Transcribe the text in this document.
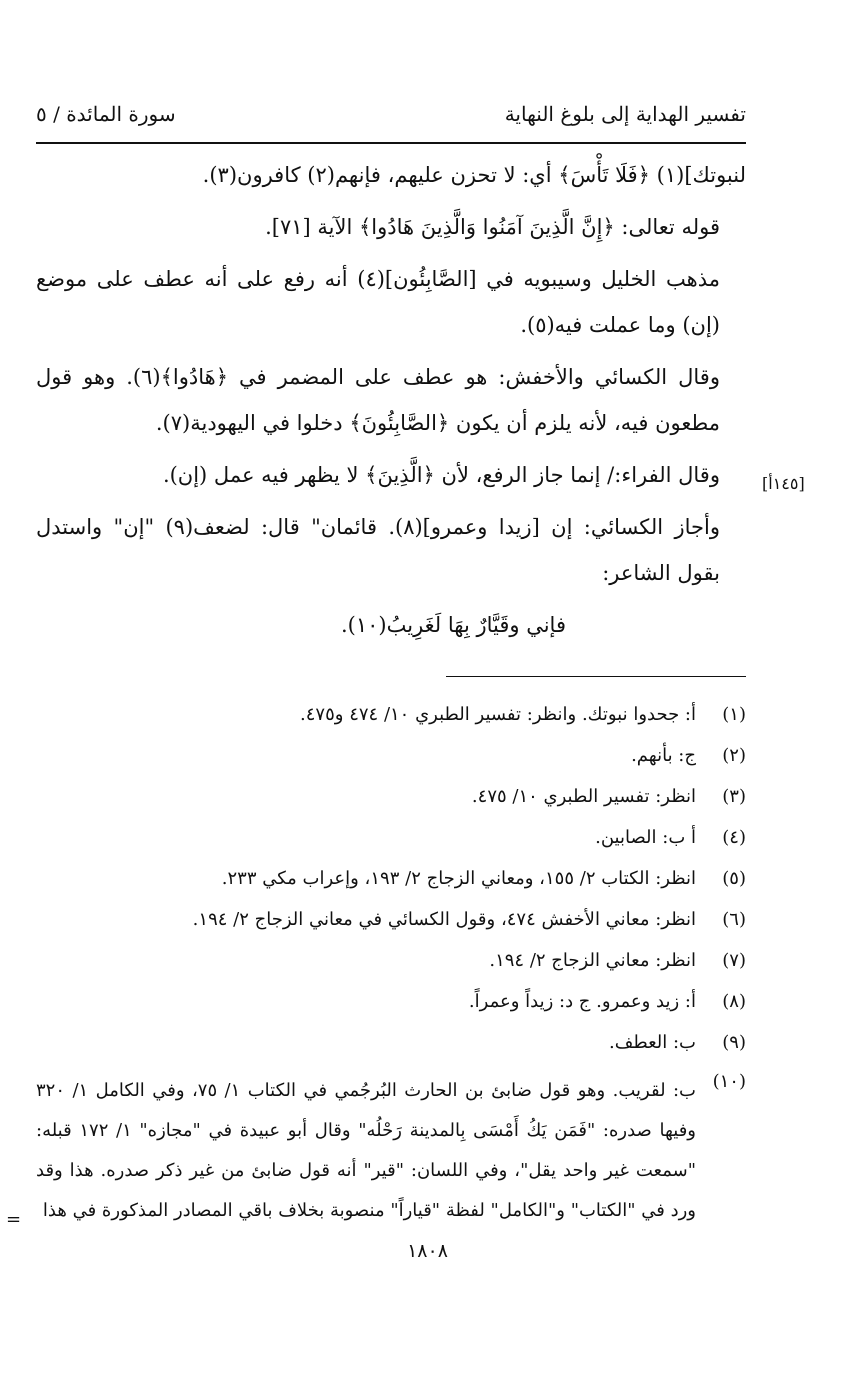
تفسير الهداية إلى بلوغ النهاية
سورة المائدة / ٥

لنبوتك](١) ﴿فَلَا تَأْسَ﴾ أي: لا تحزن عليهم، فإنهم(٢) كافرون(٣).

قوله تعالى: ﴿إِنَّ الَّذِينَ آمَنُوا وَالَّذِينَ هَادُوا﴾ الآية [٧١].

مذهب الخليل وسيبويه في [الصَّابِئُون](٤) أنه رفع على أنه عطف على موضع (إن) وما عملت فيه(٥).

وقال الكسائي والأخفش: هو عطف على المضمر في ﴿هَادُوا﴾(٦). وهو قول مطعون فيه، لأنه يلزم أن يكون ﴿الصَّابِئُونَ﴾ دخلوا في اليهودية(٧).

وقال الفراء:/ إنما جاز الرفع، لأن ﴿الَّذِينَ﴾ لا يظهر فيه عمل (إن).

وأجاز الكسائي: إن [زيدا وعمرو](٨). قائمان" قال: لضعف(٩) "إن" واستدل بقول الشاعر:

فإني وقَيَّارٌ بِهَا لَغَرِيبُ(١٠).

[١٤٥أ]
(١)
أ: جحدوا نبوتك. وانظر: تفسير الطبري ١٠/ ٤٧٤ و٤٧٥.
(٢)
ج: بأنهم.
(٣)
انظر: تفسير الطبري ١٠/ ٤٧٥.
(٤)
أ ب: الصابين.
(٥)
انظر: الكتاب ٢/ ١٥٥، ومعاني الزجاج ٢/ ١٩٣، وإعراب مكي ٢٣٣.
(٦)
انظر: معاني الأخفش ٤٧٤، وقول الكسائي في معاني الزجاج ٢/ ١٩٤.
(٧)
انظر: معاني الزجاج ٢/ ١٩٤.
(٨)
أ: زيد وعمرو. ج د: زيداً وعمراً.
(٩)
ب: العطف.
(١٠)
ب: لقريب. وهو قول ضابئ بن الحارث البُرجُمي في الكتاب ١/ ٧٥، وفي الكامل ١/ ٣٢٠ وفيها صدره: "فَمَن يَكُ أَمْسَى بِالمدينة رَحْلُه" وقال أبو عبيدة في "مجازه" ١/ ١٧٢ قبله: "سمعت غير واحد يقل"، وفي اللسان: "قير" أنه قول ضابئ من غير ذكر صدره. هذا وقد ورد في "الكتاب" و"الكامل" لفظة "قياراً" منصوبة بخلاف باقي المصادر المذكورة في هذا
=
١٨٠٨
